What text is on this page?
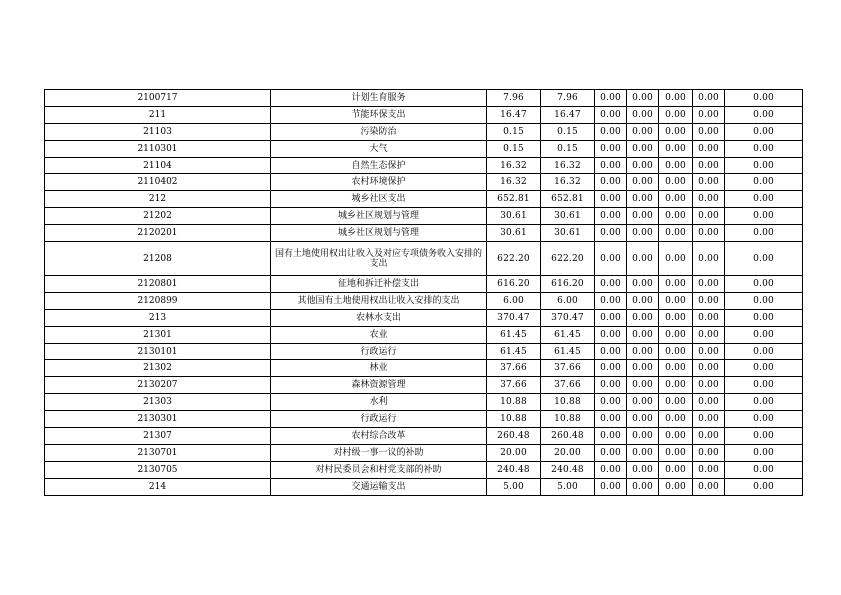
2100717	计划生育服务	7.96	7.96	0.00	0.00	0.00	0.00	0.00
211	节能环保支出	16.47	16.47	0.00	0.00	0.00	0.00	0.00
21103	污染防治	0.15	0.15	0.00	0.00	0.00	0.00	0.00
2110301	大气	0.15	0.15	0.00	0.00	0.00	0.00	0.00
21104	自然生态保护	16.32	16.32	0.00	0.00	0.00	0.00	0.00
2110402	农村环境保护	16.32	16.32	0.00	0.00	0.00	0.00	0.00
212	城乡社区支出	652.81	652.81	0.00	0.00	0.00	0.00	0.00
21202	城乡社区规划与管理	30.61	30.61	0.00	0.00	0.00	0.00	0.00
2120201	城乡社区规划与管理	30.61	30.61	0.00	0.00	0.00	0.00	0.00
21208	国有土地使用权出让收入及对应专项债务收入安排的支出	622.20	622.20	0.00	0.00	0.00	0.00	0.00
2120801	征地和拆迁补偿支出	616.20	616.20	0.00	0.00	0.00	0.00	0.00
2120899	其他国有土地使用权出让收入安排的支出	6.00	6.00	0.00	0.00	0.00	0.00	0.00
213	农林水支出	370.47	370.47	0.00	0.00	0.00	0.00	0.00
21301	农业	61.45	61.45	0.00	0.00	0.00	0.00	0.00
2130101	行政运行	61.45	61.45	0.00	0.00	0.00	0.00	0.00
21302	林业	37.66	37.66	0.00	0.00	0.00	0.00	0.00
2130207	森林资源管理	37.66	37.66	0.00	0.00	0.00	0.00	0.00
21303	水利	10.88	10.88	0.00	0.00	0.00	0.00	0.00
2130301	行政运行	10.88	10.88	0.00	0.00	0.00	0.00	0.00
21307	农村综合改革	260.48	260.48	0.00	0.00	0.00	0.00	0.00
2130701	对村级一事一议的补助	20.00	20.00	0.00	0.00	0.00	0.00	0.00
2130705	对村民委员会和村党支部的补助	240.48	240.48	0.00	0.00	0.00	0.00	0.00
214	交通运输支出	5.00	5.00	0.00	0.00	0.00	0.00	0.00
